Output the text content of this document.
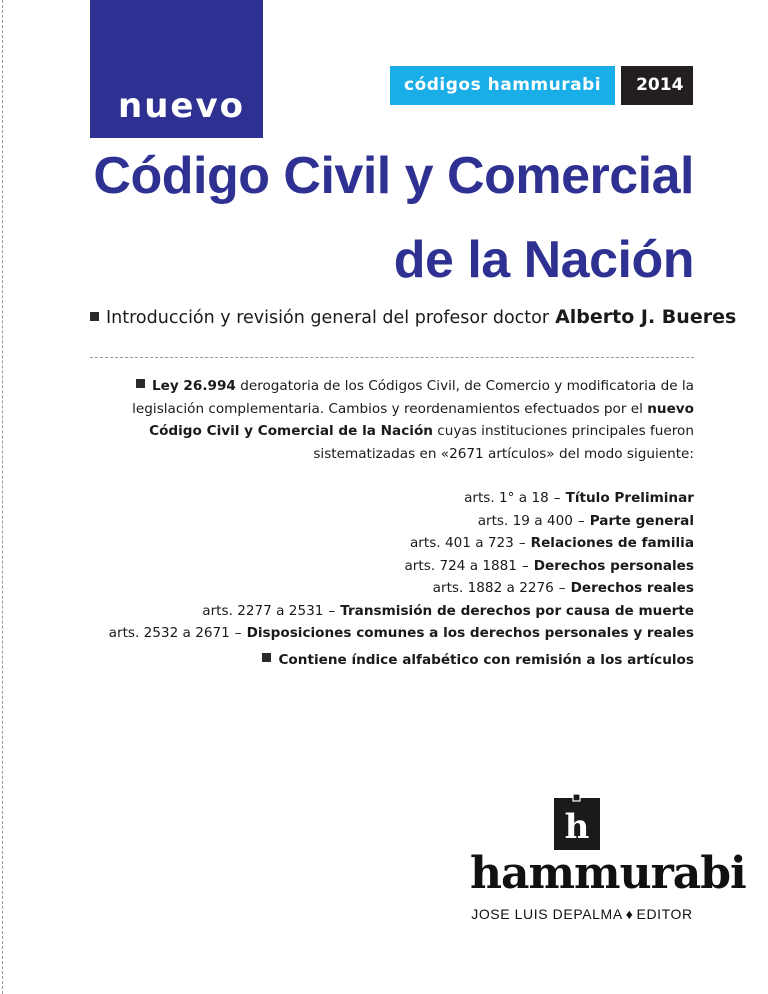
nuevo
códigos hammurabi	2014
Código Civil y Comercial
de la Nación
Introducción y revisión general del profesor doctor Alberto J. Bueres
Ley 26.994 derogatoria de los Códigos Civil, de Comercio y modificatoria de la legislación complementaria. Cambios y reordenamientos efectuados por el nuevo Código Civil y Comercial de la Nación cuyas instituciones principales fueron sistematizadas en «2671 artículos» del modo siguiente:
arts. 1° a 18 – Título Preliminar
arts. 19 a 400 – Parte general
arts. 401 a 723 – Relaciones de familia
arts. 724 a 1881 – Derechos personales
arts. 1882 a 2276 – Derechos reales
arts. 2277 a 2531 – Transmisión de derechos por causa de muerte
arts. 2532 a 2671 – Disposiciones comunes a los derechos personales y reales
Contiene índice alfabético con remisión a los artículos
h
hammurabi
JOSE LUIS DEPALMA ♦ EDITOR
